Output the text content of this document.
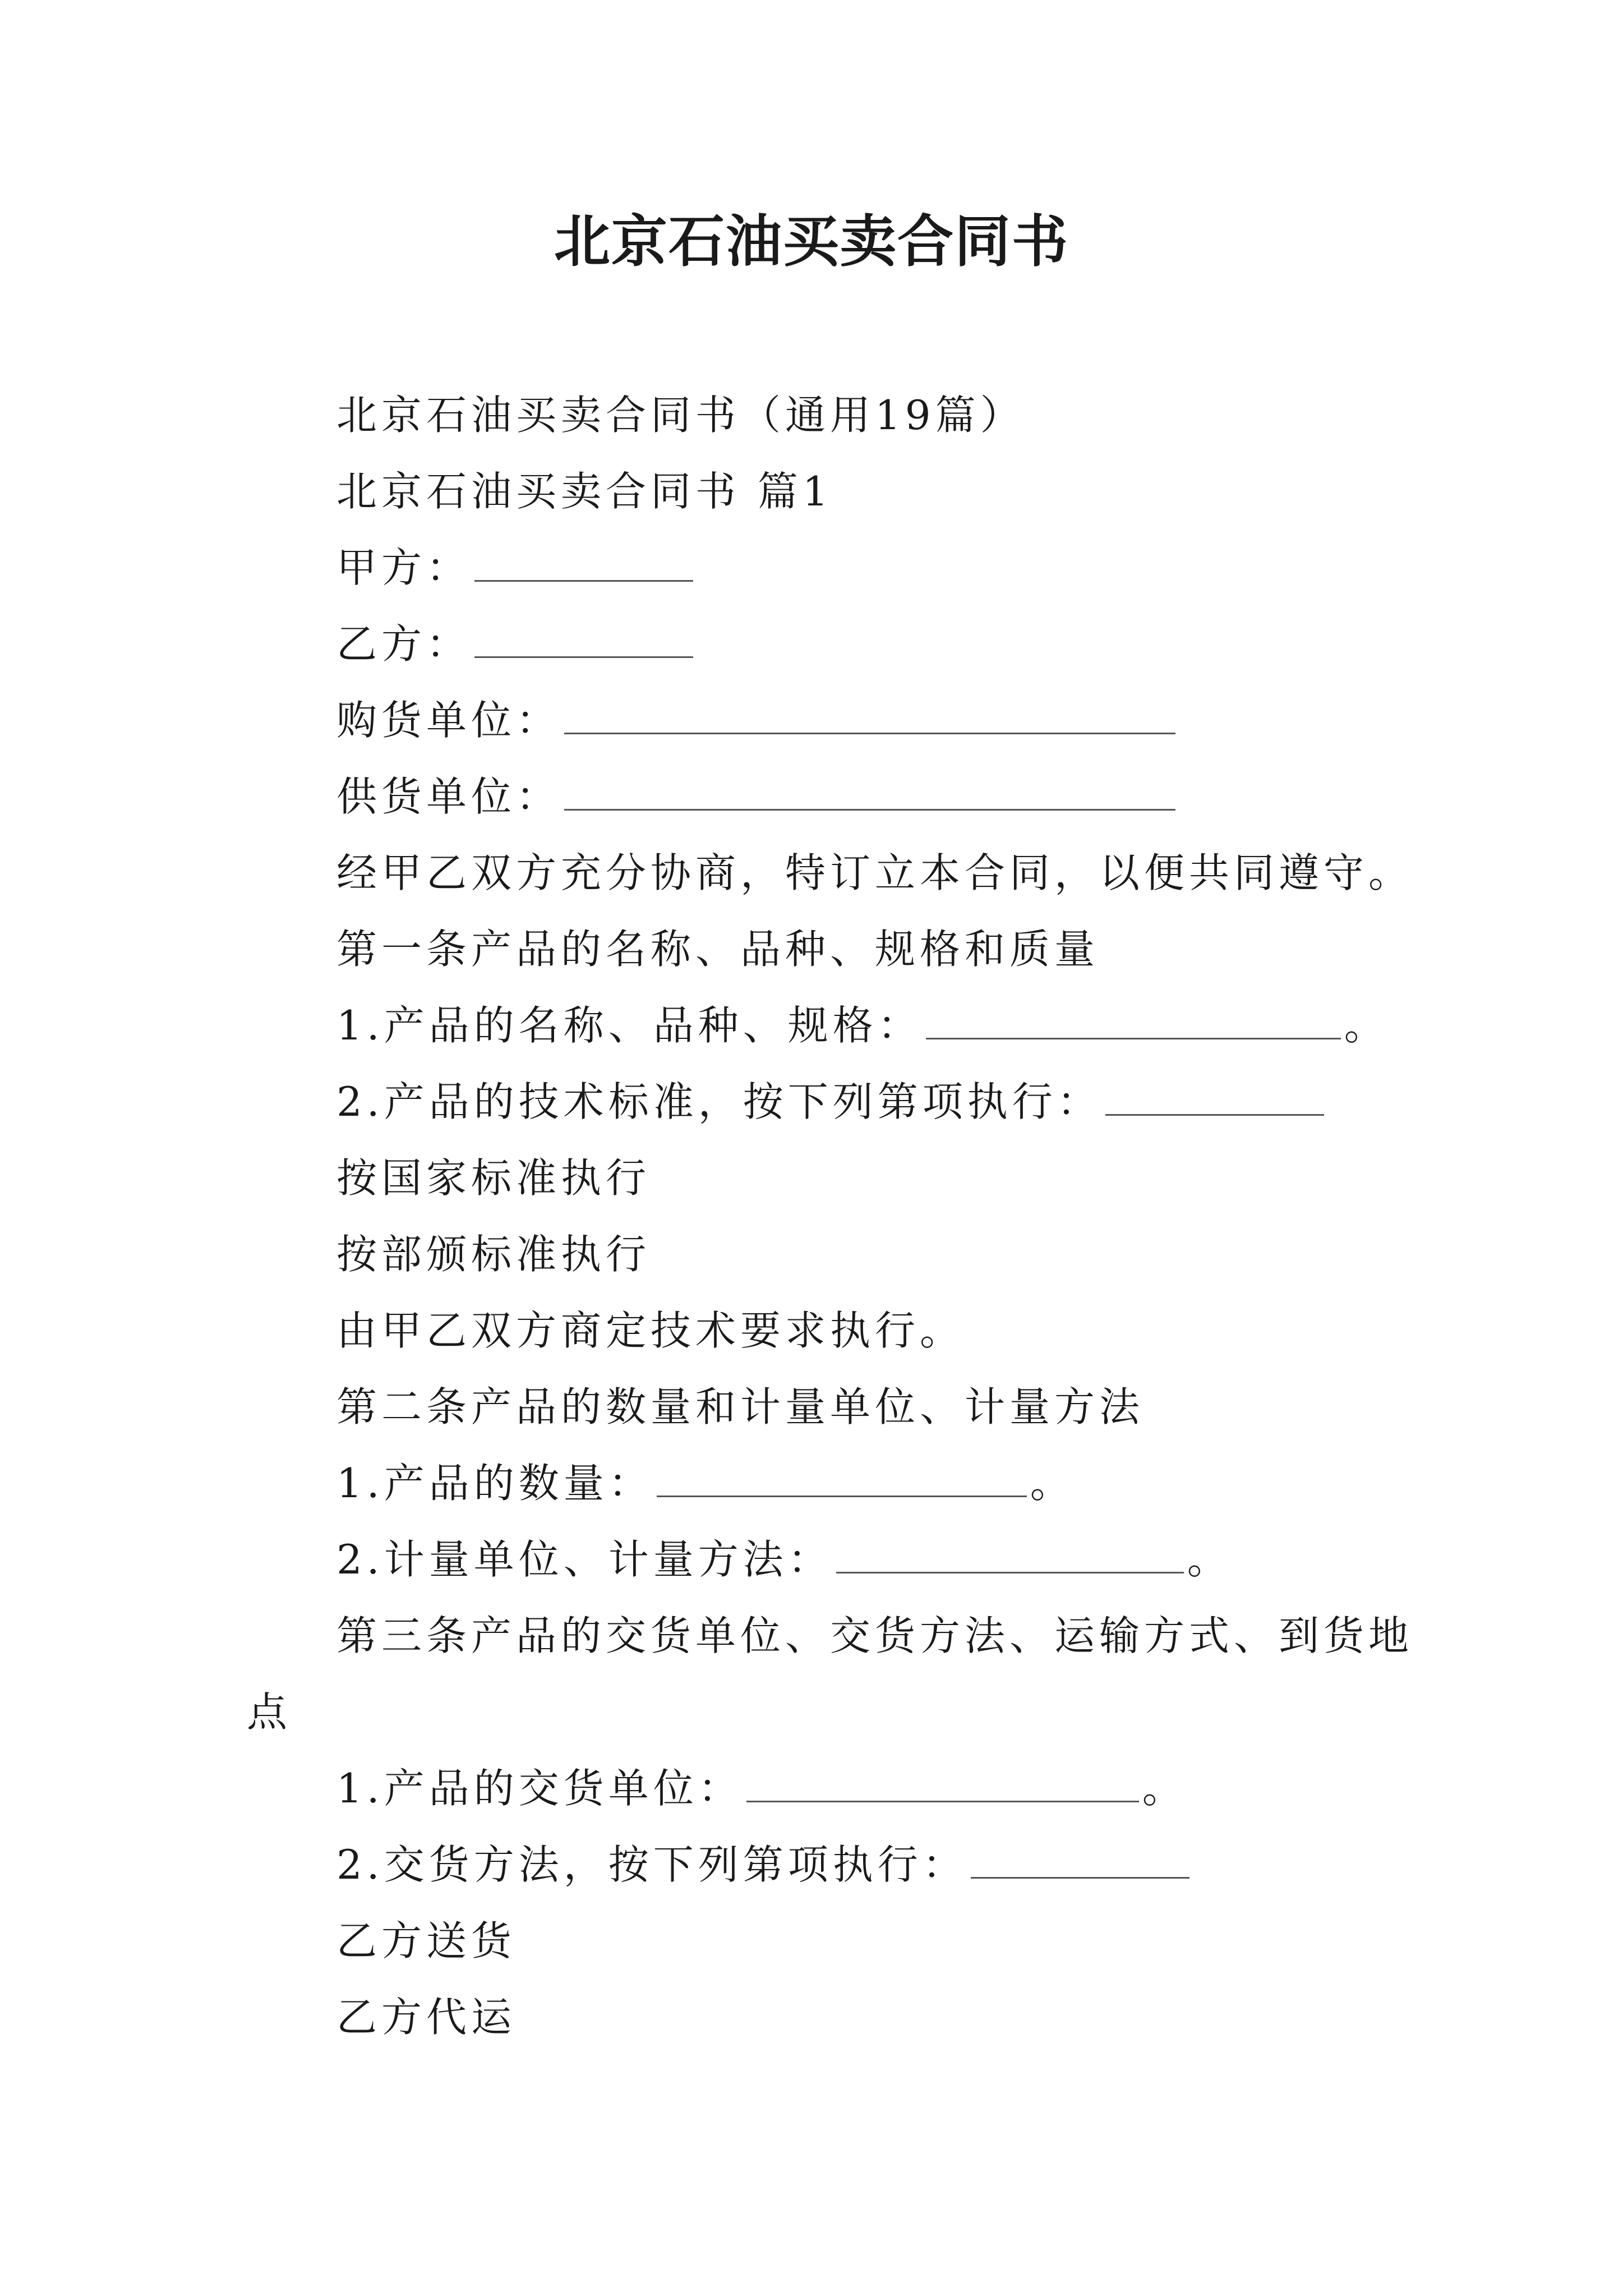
北京石油买卖合同书
北京石油买卖合同书（通用19篇）
北京石油买卖合同书 篇1
甲方：
乙方：
购货单位：
供货单位：
经甲乙双方充分协商，特订立本合同，以便共同遵守。
第一条产品的名称、品种、规格和质量
1.产品的名称、品种、规格：	。
2.产品的技术标准，按下列第项执行：
按国家标准执行
按部颁标准执行
由甲乙双方商定技术要求执行。
第二条产品的数量和计量单位、计量方法
1.产品的数量：	。
2.计量单位、计量方法：	。
第三条产品的交货单位、交货方法、运输方式、到货地
点
1.产品的交货单位：	。
2.交货方法，按下列第项执行：
乙方送货
乙方代运
